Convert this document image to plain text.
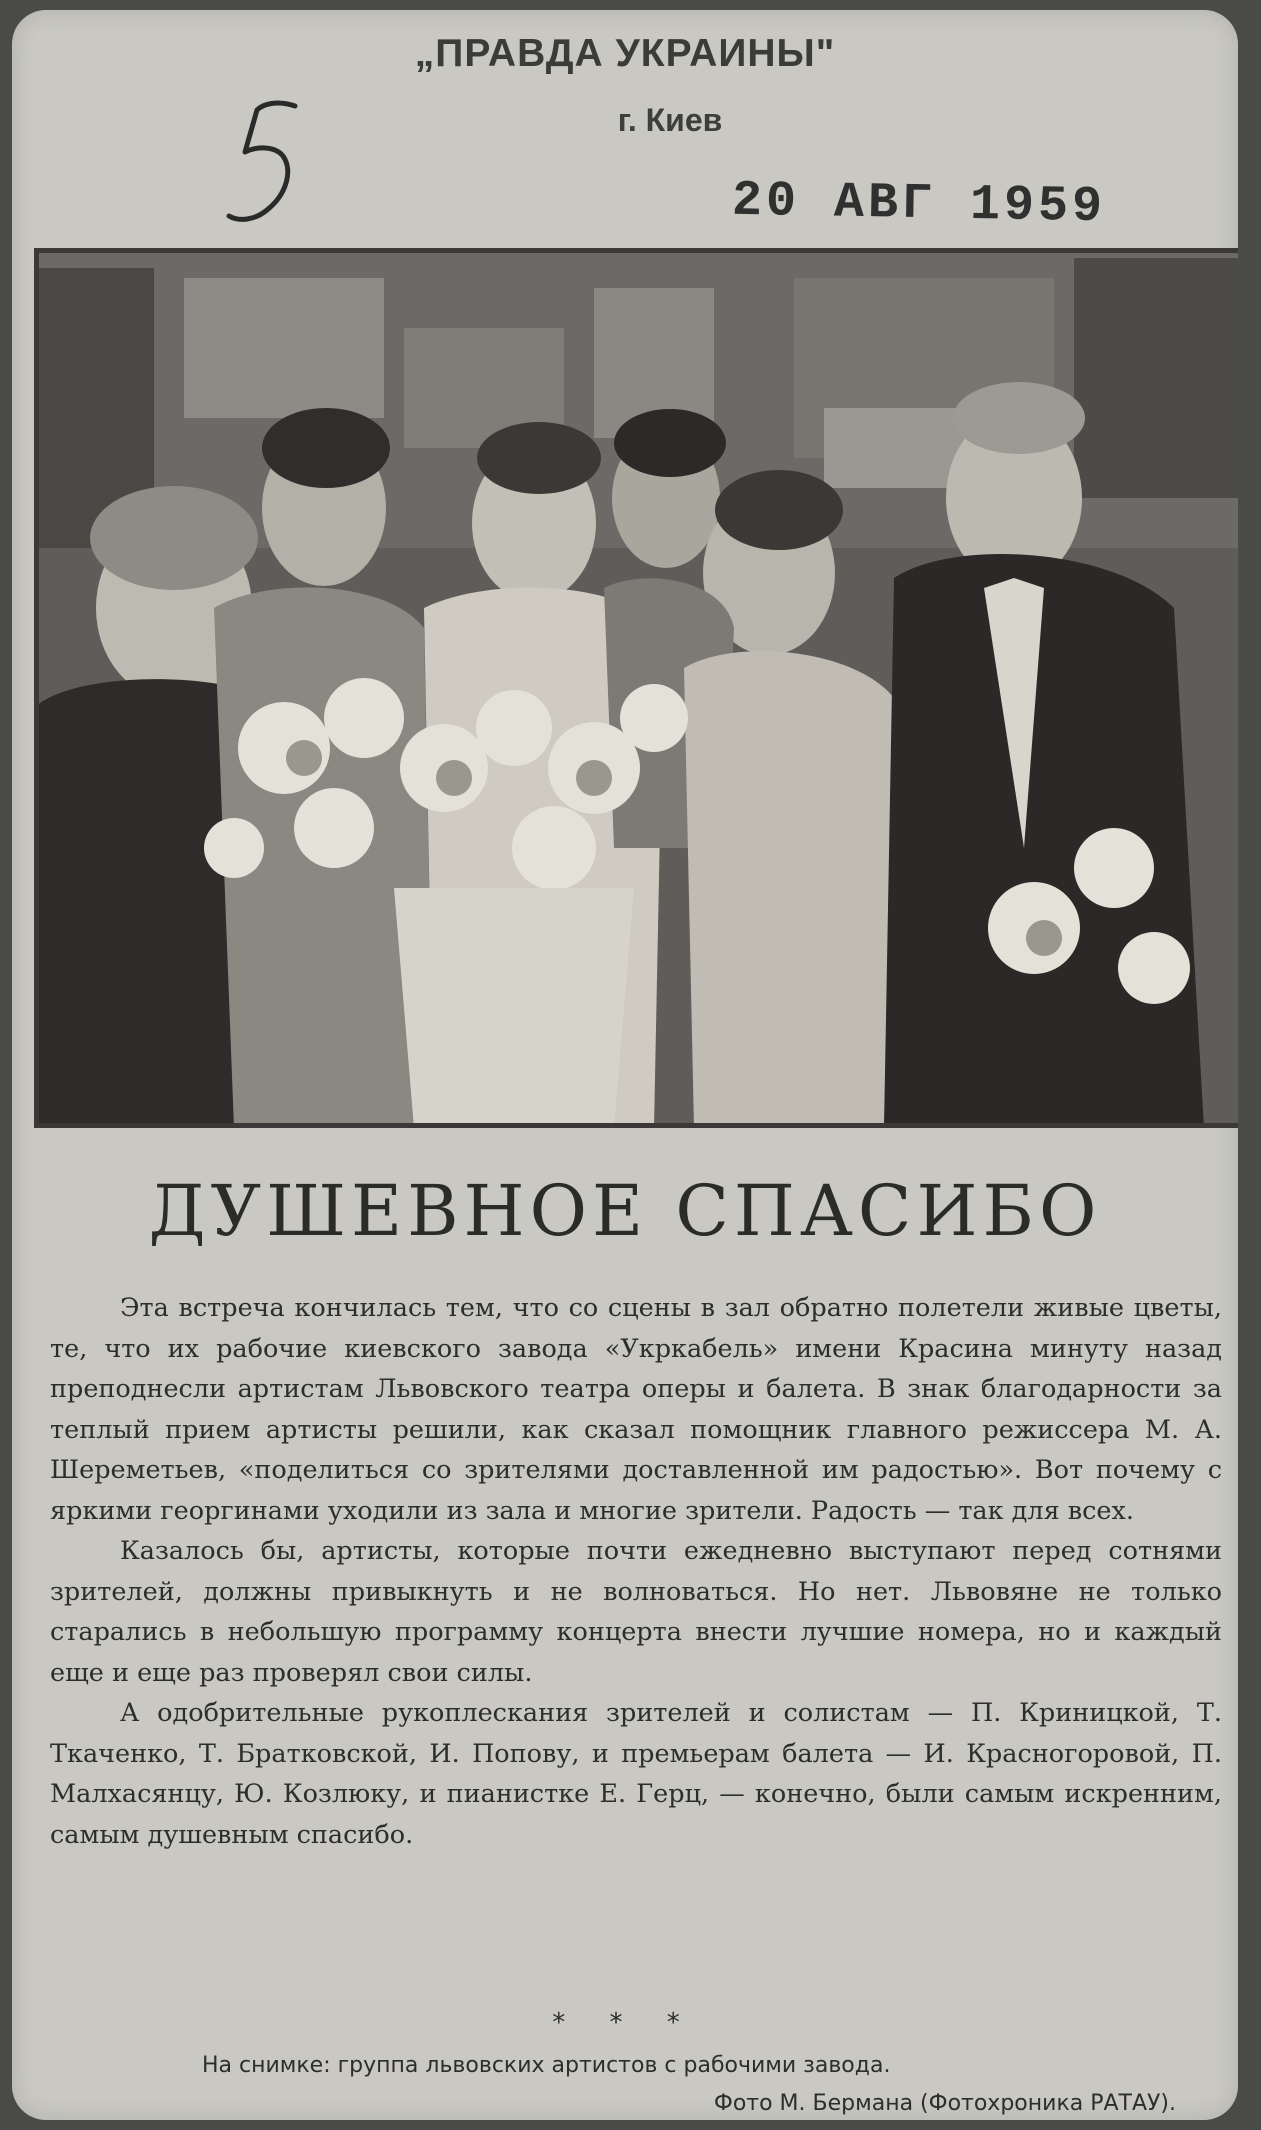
„ПРАВДА УКРАИНЫ"
г. Киев
20 АВГ 1959
ДУШЕВНОЕ СПАСИБО

Эта встреча кончилась тем, что со сцены в зал обратно полетели живые цветы, те, что их рабочие киевского завода «Укркабель» имени Красина минуту назад преподнесли артистам Львовского театра оперы и балета. В знак благодарности за теплый прием артисты решили, как сказал помощник главного режиссера М. А. Шереметьев, «поделиться со зрителями доставленной им радостью». Вот почему с яркими георгинами уходили из зала и многие зрители. Радость — так для всех.

Казалось бы, артисты, которые почти ежедневно выступают перед сотнями зрителей, должны привыкнуть и не волноваться. Но нет. Львовяне не только старались в небольшую программу концерта внести лучшие номера, но и каждый еще и еще раз проверял свои силы.

А одобрительные рукоплескания зрителей и солистам — П. Криницкой, Т. Ткаченко, Т. Братковской, И. Попову, и премьерам балета — И. Красногоровой, П. Малхасянцу, Ю. Козлюку, и пианистке Е. Герц, — конечно, были самым искренним, самым душевным спасибо.

* * *
На снимке: группа львовских артистов с рабочими завода.
Фото М. Бермана (Фотохроника РАТАУ).
